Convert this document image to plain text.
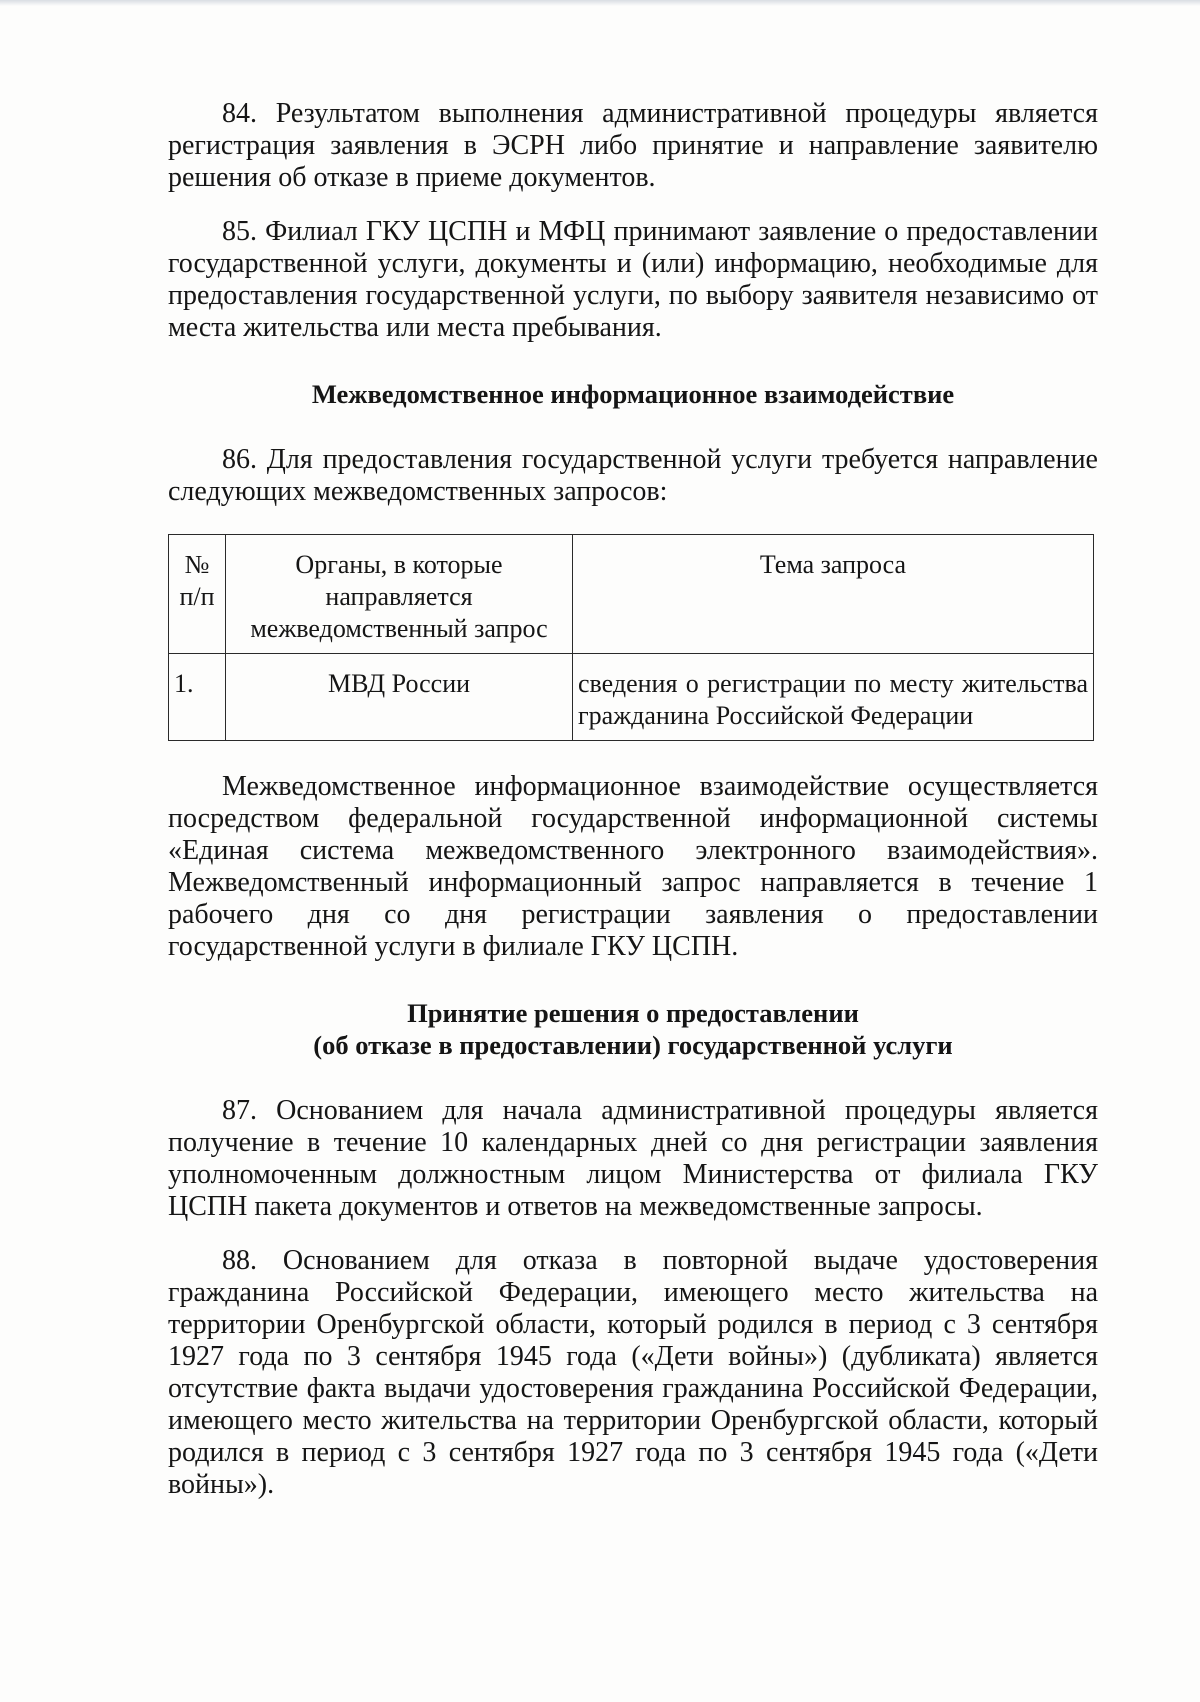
84. Результатом выполнения административной процедуры является регистрация заявления в ЭСРН либо принятие и направление заявителю решения об отказе в приеме документов.

85. Филиал ГКУ ЦСПН и МФЦ принимают заявление о предоставлении государственной услуги, документы и (или) информацию, необходимые для предоставления государственной услуги, по выбору заявителя независимо от места жительства или места пребывания.

Межведомственное информационное взаимодействие

86. Для предоставления государственной услуги требуется направление следующих межведомственных запросов:

№ п/п	Органы, в которые направляется межведомственный запрос	Тема запроса
1.	МВД России	сведения о регистрации по месту жительства гражданина Российской Федерации

Межведомственное информационное взаимодействие осуществляется посредством федеральной государственной информационной системы «Единая система межведомственного электронного взаимодействия». Межведомственный информационный запрос направляется в течение 1 рабочего дня со дня регистрации заявления о предоставлении государственной услуги в филиале ГКУ ЦСПН.

Принятие решения о предоставлении
(об отказе в предоставлении) государственной услуги

87. Основанием для начала административной процедуры является получение в течение 10 календарных дней со дня регистрации заявления уполномоченным должностным лицом Министерства от филиала ГКУ ЦСПН пакета документов и ответов на межведомственные запросы.

88. Основанием для отказа в повторной выдаче удостоверения гражданина Российской Федерации, имеющего место жительства на территории Оренбургской области, который родился в период с 3 сентября 1927 года по 3 сентября 1945 года («Дети войны») (дубликата) является отсутствие факта выдачи удостоверения гражданина Российской Федерации, имеющего место жительства на территории Оренбургской области, который родился в период с 3 сентября 1927 года по 3 сентября 1945 года («Дети войны»).
